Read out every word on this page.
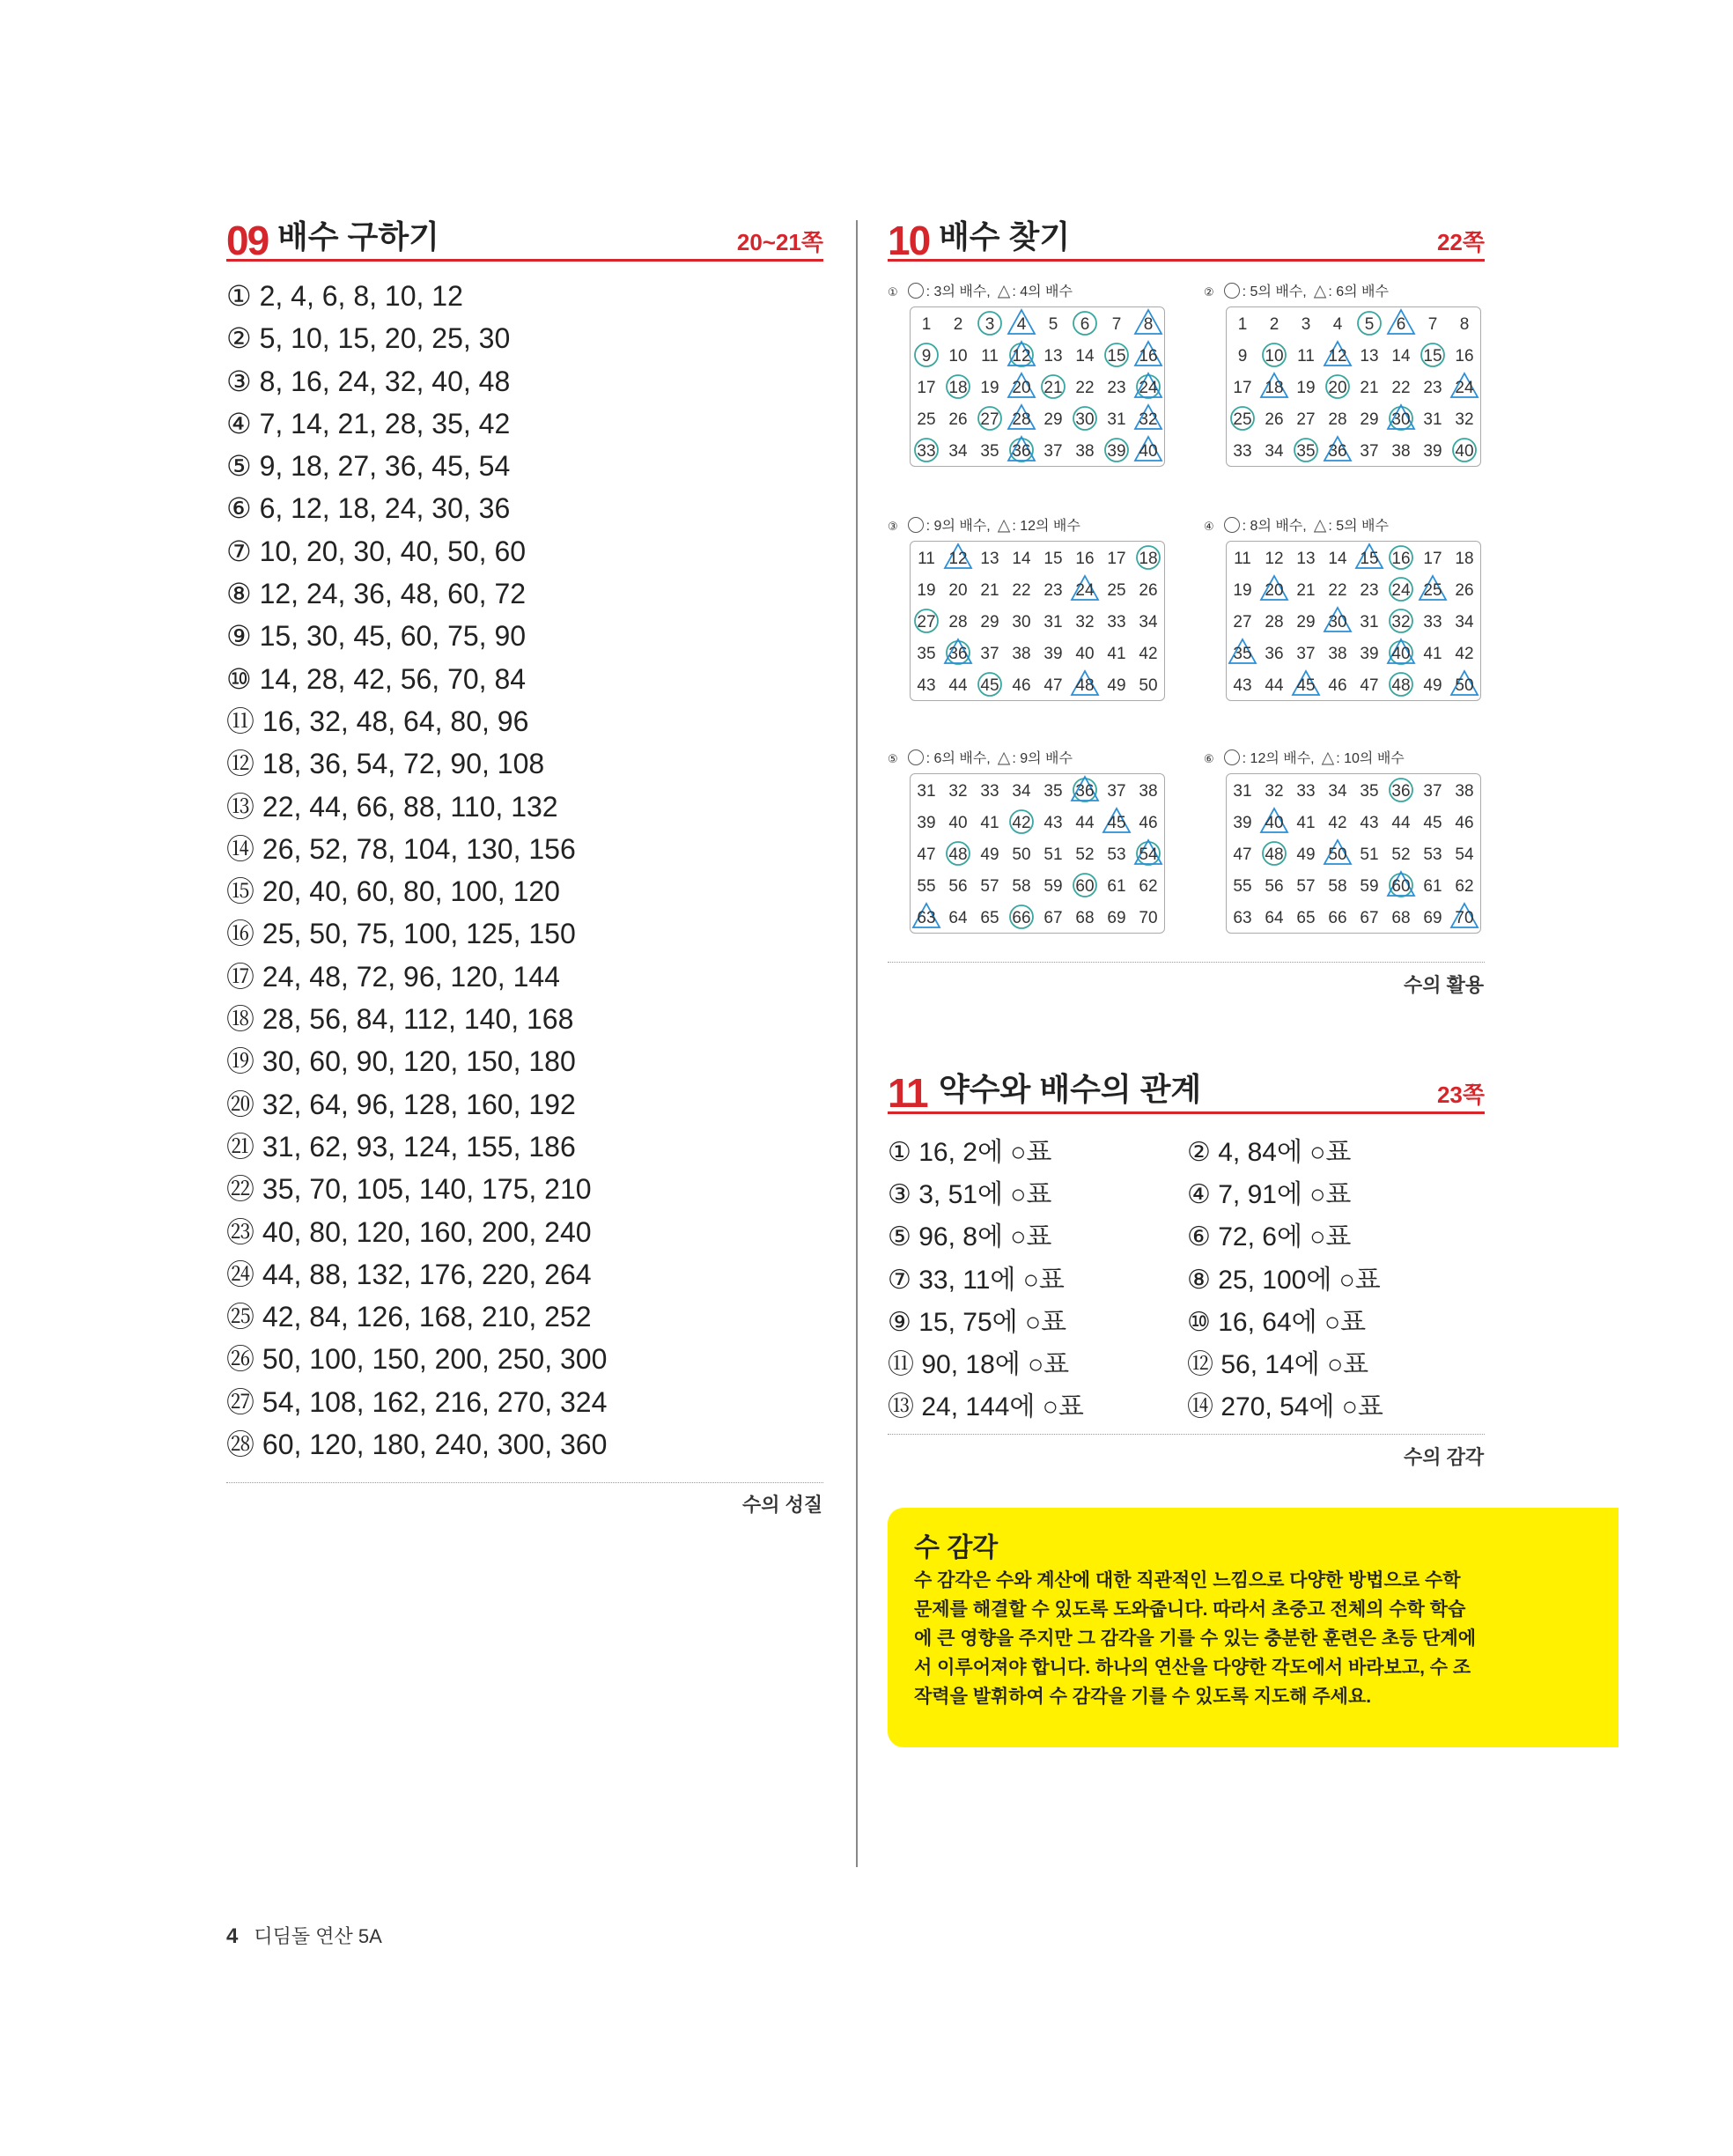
09 배수 구하기	20~21쪽
① 2, 4, 6, 8, 10, 12
② 5, 10, 15, 20, 25, 30
③ 8, 16, 24, 32, 40, 48
④ 7, 14, 21, 28, 35, 42
⑤ 9, 18, 27, 36, 45, 54
⑥ 6, 12, 18, 24, 30, 36
⑦ 10, 20, 30, 40, 50, 60
⑧ 12, 24, 36, 48, 60, 72
⑨ 15, 30, 45, 60, 75, 90
⑩ 14, 28, 42, 56, 70, 84
⑪ 16, 32, 48, 64, 80, 96
⑫ 18, 36, 54, 72, 90, 108
⑬ 22, 44, 66, 88, 110, 132
⑭ 26, 52, 78, 104, 130, 156
⑮ 20, 40, 60, 80, 100, 120
⑯ 25, 50, 75, 100, 125, 150
⑰ 24, 48, 72, 96, 120, 144
⑱ 28, 56, 84, 112, 140, 168
⑲ 30, 60, 90, 120, 150, 180
⑳ 32, 64, 96, 128, 160, 192
㉑ 31, 62, 93, 124, 155, 186
㉒ 35, 70, 105, 140, 175, 210
㉓ 40, 80, 120, 160, 200, 240
㉔ 44, 88, 132, 176, 220, 264
㉕ 42, 84, 126, 168, 210, 252
㉖ 50, 100, 150, 200, 250, 300
㉗ 54, 108, 162, 216, 270, 324
㉘ 60, 120, 180, 240, 300, 360
수의 성질
10 배수 찾기	22쪽
① : 3의 배수, △ : 4의 배수
1 2 3 4 5 6 7 8
9 10 11 12 13 14 15 16
17 18 19 20 21 22 23 24
25 26 27 28 29 30 31 32
33 34 35 36 37 38 39 40
② : 5의 배수, △ : 6의 배수
1 2 3 4 5 6 7 8
9 10 11 12 13 14 15 16
17 18 19 20 21 22 23 24
25 26 27 28 29 30 31 32
33 34 35 36 37 38 39 40
③ : 9의 배수, △ : 12의 배수
11 12 13 14 15 16 17 18
19 20 21 22 23 24 25 26
27 28 29 30 31 32 33 34
35 36 37 38 39 40 41 42
43 44 45 46 47 48 49 50
④ : 8의 배수, △ : 5의 배수
11 12 13 14 15 16 17 18
19 20 21 22 23 24 25 26
27 28 29 30 31 32 33 34
35 36 37 38 39 40 41 42
43 44 45 46 47 48 49 50
⑤ : 6의 배수, △ : 9의 배수
31 32 33 34 35 36 37 38
39 40 41 42 43 44 45 46
47 48 49 50 51 52 53 54
55 56 57 58 59 60 61 62
63 64 65 66 67 68 69 70
⑥ : 12의 배수, △ : 10의 배수
31 32 33 34 35 36 37 38
39 40 41 42 43 44 45 46
47 48 49 50 51 52 53 54
55 56 57 58 59 60 61 62
63 64 65 66 67 68 69 70
수의 활용
11 약수와 배수의 관계	23쪽
① 16, 2에 ○표	② 4, 84에 ○표
③ 3, 51에 ○표	④ 7, 91에 ○표
⑤ 96, 8에 ○표	⑥ 72, 6에 ○표
⑦ 33, 11에 ○표	⑧ 25, 100에 ○표
⑨ 15, 75에 ○표	⑩ 16, 64에 ○표
⑪ 90, 18에 ○표	⑫ 56, 14에 ○표
⑬ 24, 144에 ○표	⑭ 270, 54에 ○표
수의 감각
수 감각

수 감각은 수와 계산에 대한 직관적인 느낌으로 다양한 방법으로 수학 문제를 해결할 수 있도록 도와줍니다. 따라서 초중고 전체의 수학 학습에 큰 영향을 주지만 그 감각을 기를 수 있는 충분한 훈련은 초등 단계에서 이루어져야 합니다. 하나의 연산을 다양한 각도에서 바라보고, 수 조작력을 발휘하여 수 감각을 기를 수 있도록 지도해 주세요.

4 디딤돌 연산 5A
